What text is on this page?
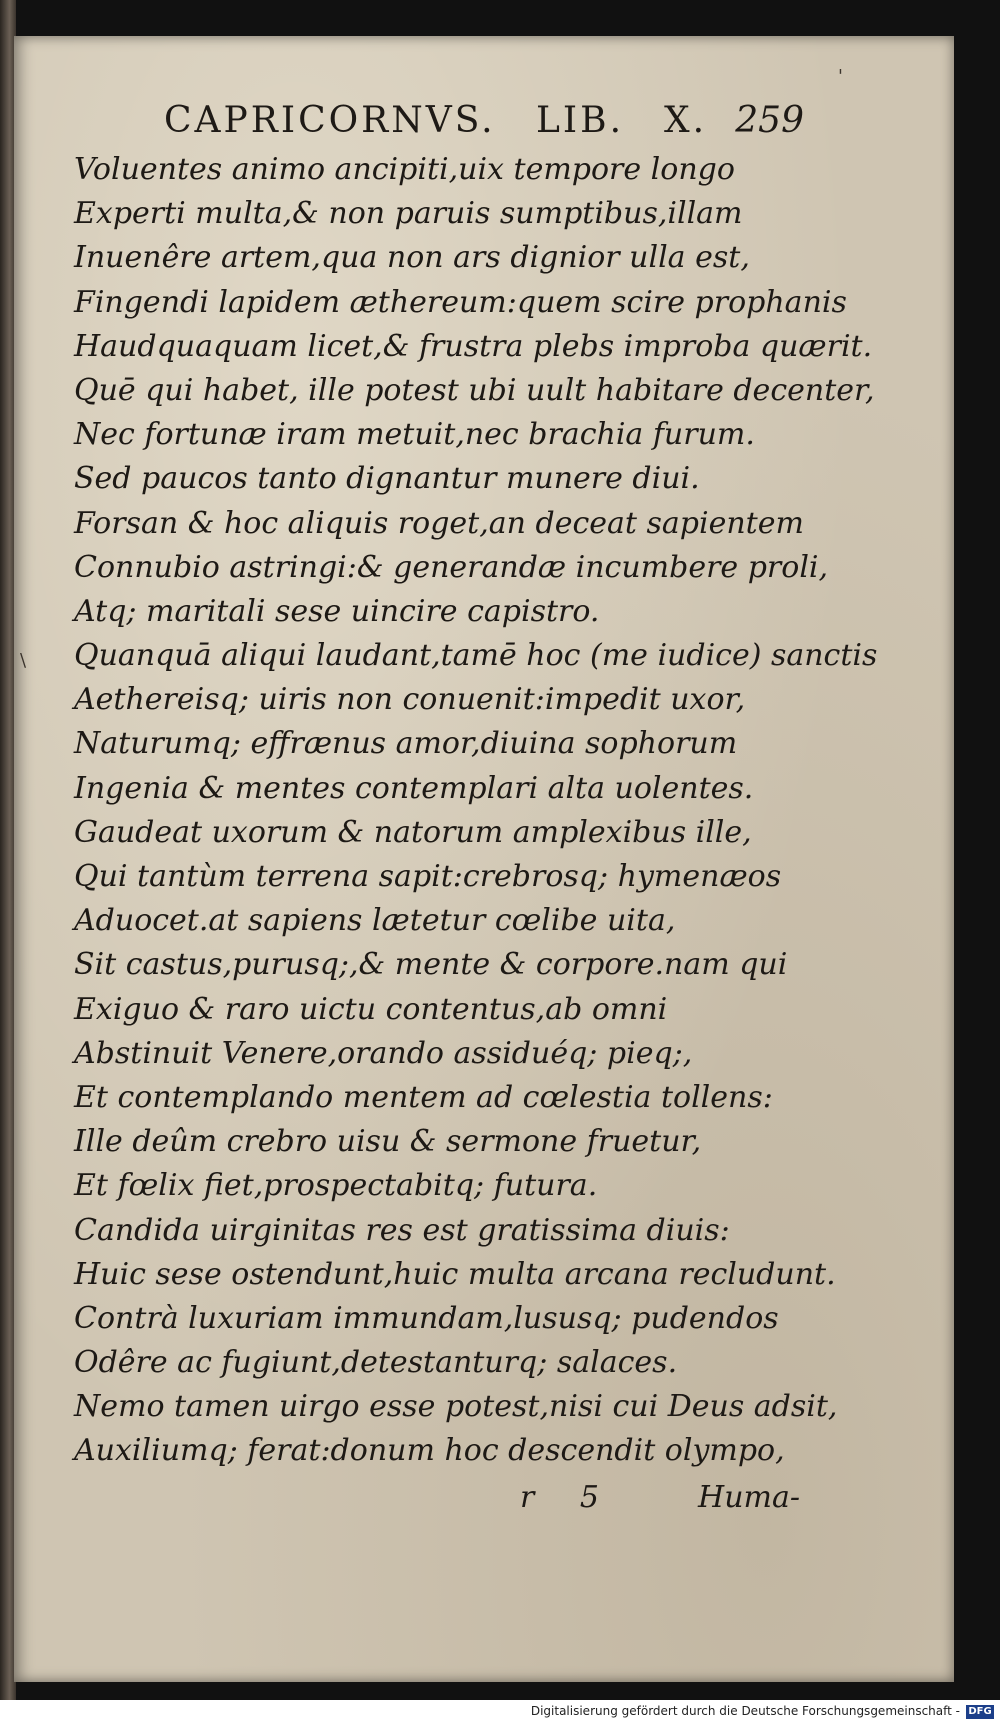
CAPRICORNVS. LIB. X. 259
'
\
Voluentes animo ancipiti,uix tempore longo
Experti multa,& non paruis sumptibus,illam
Inuenêre artem,qua non ars dignior ulla est,
Fingendi lapidem æthereum:quem scire prophanis
Haudquaquam licet,& frustra plebs improba quærit.
Quē qui habet, ille potest ubi uult habitare decenter,
Nec fortunæ iram metuit,nec brachia furum.
Sed paucos tanto dignantur munere diui.
Forsan & hoc aliquis roget,an deceat sapientem
Connubio astringi:& generandæ incumbere proli,
Atq; maritali sese uincire capistro.
Quanquā aliqui laudant,tamē hoc (me iudice) sanctis
Aethereisq; uiris non conuenit:impedit uxor,
Naturumq; effrænus amor,diuina sophorum
Ingenia & mentes contemplari alta uolentes.
Gaudeat uxorum & natorum amplexibus ille,
Qui tantùm terrena sapit:crebrosq; hymenæos
Aduocet.at sapiens lætetur cœlibe uita,
Sit castus,purusq;,& mente & corpore.nam qui
Exiguo & raro uictu contentus,ab omni
Abstinuit Venere,orando assiduéq; pieq;,
Et contemplando mentem ad cœlestia tollens:
Ille deûm crebro uisu & sermone fruetur,
Et fœlix fiet,prospectabitq; futura.
Candida uirginitas res est gratissima diuis:
Huic sese ostendunt,huic multa arcana recludunt.
Contrà luxuriam immundam,lususq; pudendos
Odêre ac fugiunt,detestanturq; salaces.
Nemo tamen uirgo esse potest,nisi cui Deus adsit,
Auxiliumq; ferat:donum hoc descendit olympo,
r 5	Huma-
Digitalisierung gefördert durch die Deutsche Forschungsgemeinschaft - DFG
